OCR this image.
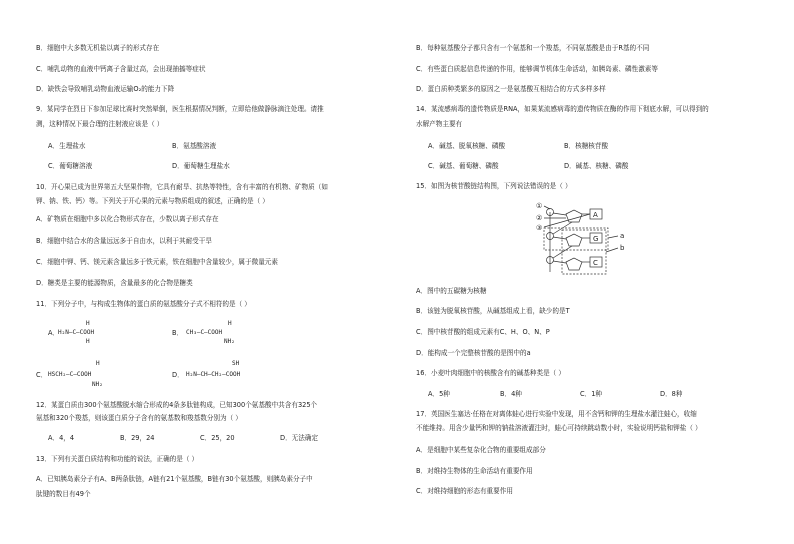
B．细胞中大多数无机盐以离子的形式存在
C．哺乳动物的血液中钙离子含量过高，会出现抽搐等症状
D．缺铁会导致哺乳动物血液运输O₂的能力下降
9．某同学在烈日下参加足球比赛时突然晕倒，医生根据情况判断，立即给他做静脉滴注处理。请推
测，这种情况下最合理的注射液应该是（ ）
A．生理盐水	B．氨基酸溶液
C．葡萄糖溶液	D．葡萄糖生理盐水
10．开心果已成为世界第五大坚果作物，它具有耐旱、抗热等特性，含有丰富的有机物、矿物质（如
钾、钠、铁、钙）等。下列关于开心果的元素与物质组成的叙述，正确的是（ ）
A．矿物质在细胞中多以化合物形式存在，少数以离子形式存在
B．细胞中结合水的含量远远多于自由水，以利于其耐受干旱
C．细胞中钾、钙、镁元素含量远多于铁元素，铁在细胞中含量较少，属于微量元素
D．糖类是主要的能源物质，含量最多的化合物是糖类
11．下列分子中，与构成生物体的蛋白质的氨基酸分子式不相符的是（ ）
A．
H
H₂N—C—COOH
H
B．
H
CH₃—C—COOH
NH₂
C．
H
HSCH₂—C—COOH
NH₂
D．
SH
H₂N—CH—CH₂—COOH
12．某蛋白质由300个氨基酸脱水缩合形成的4条多肽链构成，已知300个氨基酸中共含有325个
氨基和320个羧基，则该蛋白质分子含有的氨基数和羧基数分别为（ ）
A．4，4	B．29，24	C．25，20	D．无法确定
13．下列有关蛋白质结构和功能的说法，正确的是（ ）
A．已知胰岛素分子有A、B两条肽链，A链有21个氨基酸，B链有30个氨基酸，则胰岛素分子中
肽键的数目有49个
B．每种氨基酸分子都只含有一个氨基和一个羧基，不同氨基酸是由于R基的不同
C．有些蛋白质起信息传递的作用，能够调节机体生命活动，如胰岛素、磷性激素等
D．蛋白质种类繁多的原因之一是氨基酸互相结合的方式多样多样
14．某流感病毒的遗传物质是RNA，如果某流感病毒的遗传物质在酶的作用下彻底水解，可以得到的
水解产物主要有
A．碱基、脱氧核糖、磷酸	B．核糖核苷酸
C．碱基、葡萄糖、磷酸	D．碱基、核糖、磷酸
15．如图为核苷酸链结构图，下列说法错误的是（ ）
①
②
③
A
G
C
a
b
A．图中的五碳糖为核糖
B．该链为脱氧核苷酸，从碱基组成上看，缺少的是T
C．图中核苷酸的组成元素有C、H、O、N、P
D．能构成一个完整核苷酸的是图中的a
16．小麦叶肉细胞中的核酸含有的碱基种类是（ ）
A．5种	B．4种	C．1种	D．8种
17．英国医生塞达·任格在对离体蛙心进行实验中发现，用不含钙和钾的生理盐水灌注蛙心，收缩
不能维持。用含少量钙和钾的钠盐溶液灌注时，蛙心可持续跳动数小时，实验说明钙盐和钾盐（ ）
A．是细胞中某些复杂化合物的重要组成部分
B．对维持生物体的生命活动有重要作用
C．对维持细胞的形态有重要作用
